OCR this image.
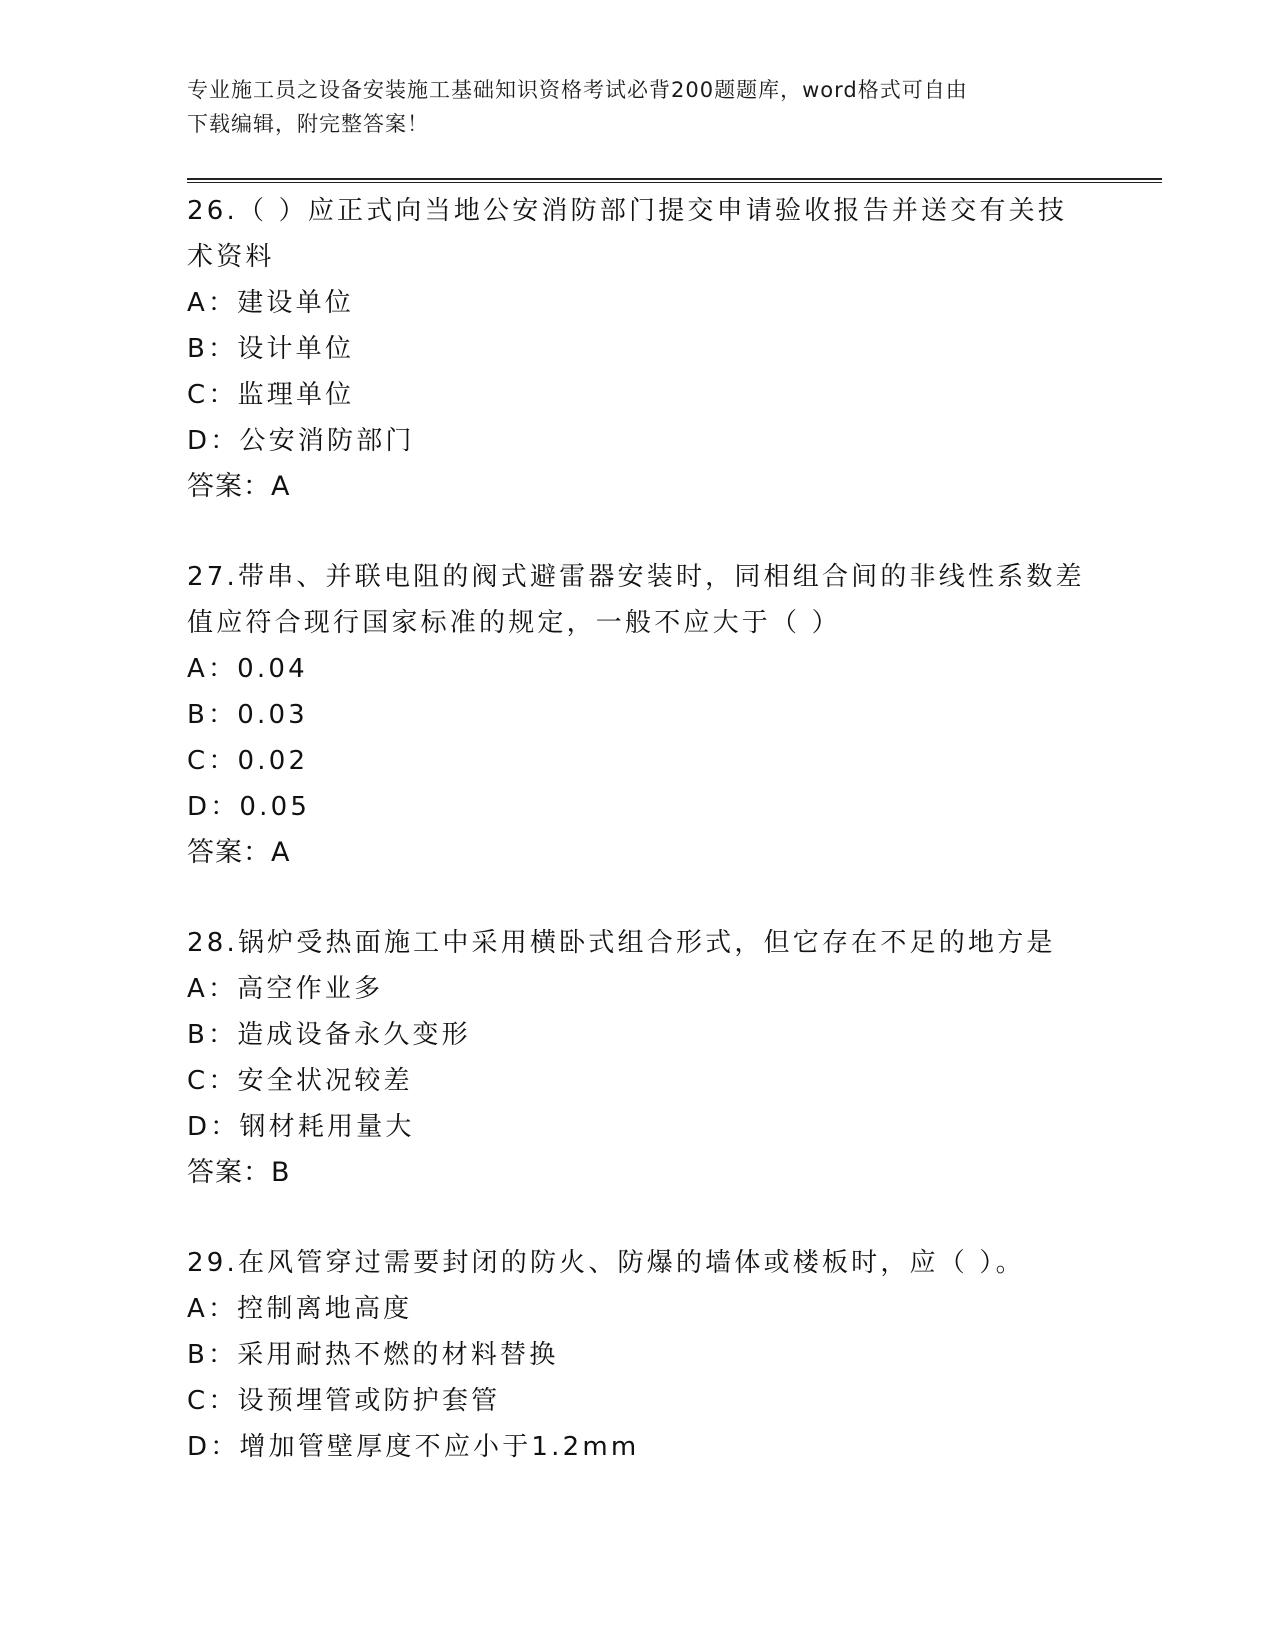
专业施工员之设备安装施工基础知识资格考试必背200题题库，word格式可自由
下载编辑，附完整答案！

26.（ ）应正式向当地公安消防部门提交申请验收报告并送交有关技术资料

A：建设单位

B：设计单位

C：监理单位

D：公安消防部门

答案：A

27.带串、并联电阻的阀式避雷器安装时，同相组合间的非线性系数差值应符合现行国家标准的规定，一般不应大于（ ）

A：0.04

B：0.03

C：0.02

D：0.05

答案：A

28.锅炉受热面施工中采用横卧式组合形式，但它存在不足的地方是

A：高空作业多

B：造成设备永久变形

C：安全状况较差

D：钢材耗用量大

答案：B

29.在风管穿过需要封闭的防火、防爆的墙体或楼板时，应（ ）。

A：控制离地高度

B：采用耐热不燃的材料替换

C：设预埋管或防护套管

D：增加管壁厚度不应小于1.2mm
